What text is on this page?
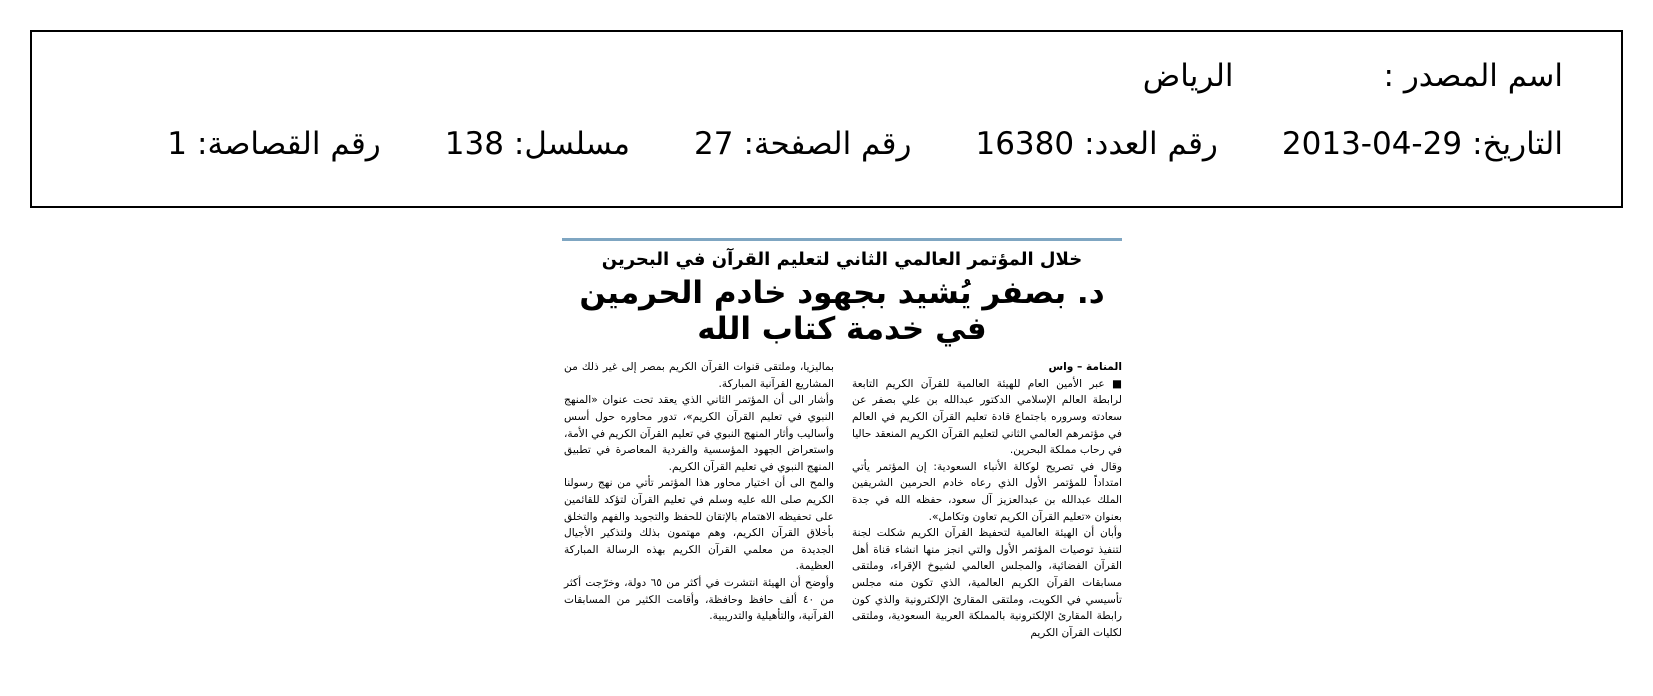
اسم المصدر :
الرياض
التاريخ:2013-04-29
رقم العدد:16380
رقم الصفحة:27
مسلسل:138
رقم القصاصة:1
خلال المؤتمر العالمي الثاني لتعليم القرآن في البحرين
د. بصفر يُشيد بجهود خادم الحرمين في خدمة كتاب الله
المنامة – واس

■ عبر الأمين العام للهيئة العالمية للقرآن الكريم التابعة لرابطة العالم الإسلامي الدكتور عبدالله بن علي بصفر عن سعادته وسروره باجتماع قادة تعليم القرآن الكريم في العالم في مؤتمرهم العالمي الثاني لتعليم القرآن الكريم المنعقد حاليا في رحاب مملكة البحرين.

وقال في تصريح لوكالة الأنباء السعودية: إن المؤتمر يأتي امتداداً للمؤتمر الأول الذي رعاه خادم الحرمين الشريفين الملك عبدالله بن عبدالعزيز آل سعود، حفظه الله في جدة بعنوان «تعليم القرآن الكريم تعاون وتكامل».

وأبان أن الهيئة العالمية لتحفيظ القرآن الكريم شكلت لجنة لتنفيذ توصيات المؤتمر الأول والتي انجز منها انشاء قناة أهل القرآن الفضائية، والمجلس العالمي لشيوخ الإقراء، وملتقى مسابقات القرآن الكريم العالمية، الذي تكون منه مجلس تأسيسي في الكويت، وملتقى المقارئ الإلكترونية والذي كون رابطة المقارئ الإلكترونية بالمملكة العربية السعودية، وملتقى لكليات القرآن الكريم

بماليزيا، وملتقى قنوات القرآن الكريم بمصر إلى غير ذلك من المشاريع القرآنية المباركة.

وأشار الى أن المؤتمر الثاني الذي يعقد تحت عنوان «المنهج النبوي في تعليم القرآن الكريم»، تدور محاوره حول أسس وأساليب وأثار المنهج النبوي في تعليم القرآن الكريم في الأمة، واستعراض الجهود المؤسسية والفردية المعاصرة في تطبيق المنهج النبوي في تعليم القرآن الكريم.

والمح الى أن اختيار محاور هذا المؤتمر تأتي من نهج رسولنا الكريم صلى الله عليه وسلم في تعليم القرآن لتؤكد للقائمين على تحفيظه الاهتمام بالإتقان للحفظ والتجويد والفهم والتخلق بأخلاق القرآن الكريم، وهم مهتمون بذلك ولتذكير الأجيال الجديدة من معلمي القرآن الكريم بهذه الرسالة المباركة العظيمة.

وأوضح أن الهيئة انتشرت في أكثر من ٦٥ دولة، وخرّجت أكثر من ٤٠ ألف حافظ وحافظة، وأقامت الكثير من المسابقات القرآنية، والتأهيلية والتدريبية.
